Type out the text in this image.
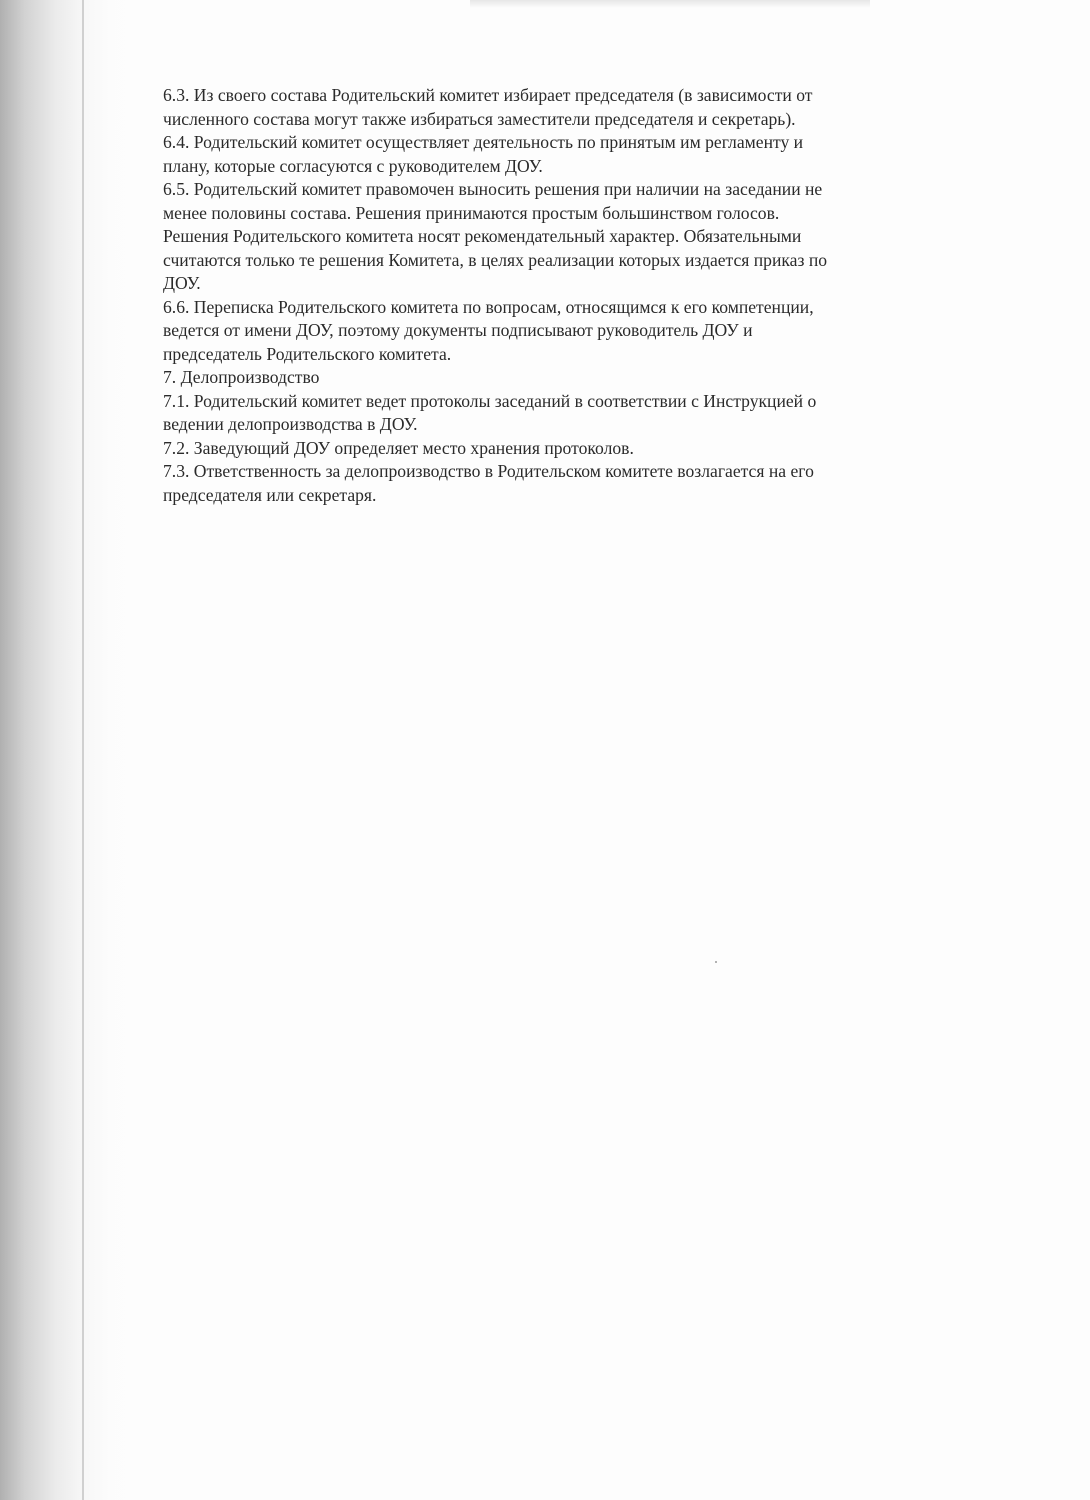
6.3. Из своего состава Родительский комитет избирает председателя (в зависимости от
численного состава могут также избираться заместители председателя и секретарь).
6.4. Родительский комитет осуществляет деятельность по принятым им регламенту и
плану, которые согласуются с руководителем ДОУ.
6.5. Родительский комитет правомочен выносить решения при наличии на заседании не
менее половины состава. Решения принимаются простым большинством голосов.
Решения Родительского комитета носят рекомендательный характер. Обязательными
считаются только те решения Комитета, в целях реализации которых издается приказ по
ДОУ.
6.6. Переписка Родительского комитета по вопросам, относящимся к его компетенции,
ведется от имени ДОУ, поэтому документы подписывают руководитель ДОУ и
председатель Родительского комитета.
7. Делопроизводство
7.1. Родительский комитет ведет протоколы заседаний в соответствии с Инструкцией о
ведении делопроизводства в ДОУ.
7.2. Заведующий ДОУ определяет место хранения протоколов.
7.3. Ответственность за делопроизводство в Родительском комитете возлагается на его
председателя или секретаря.
